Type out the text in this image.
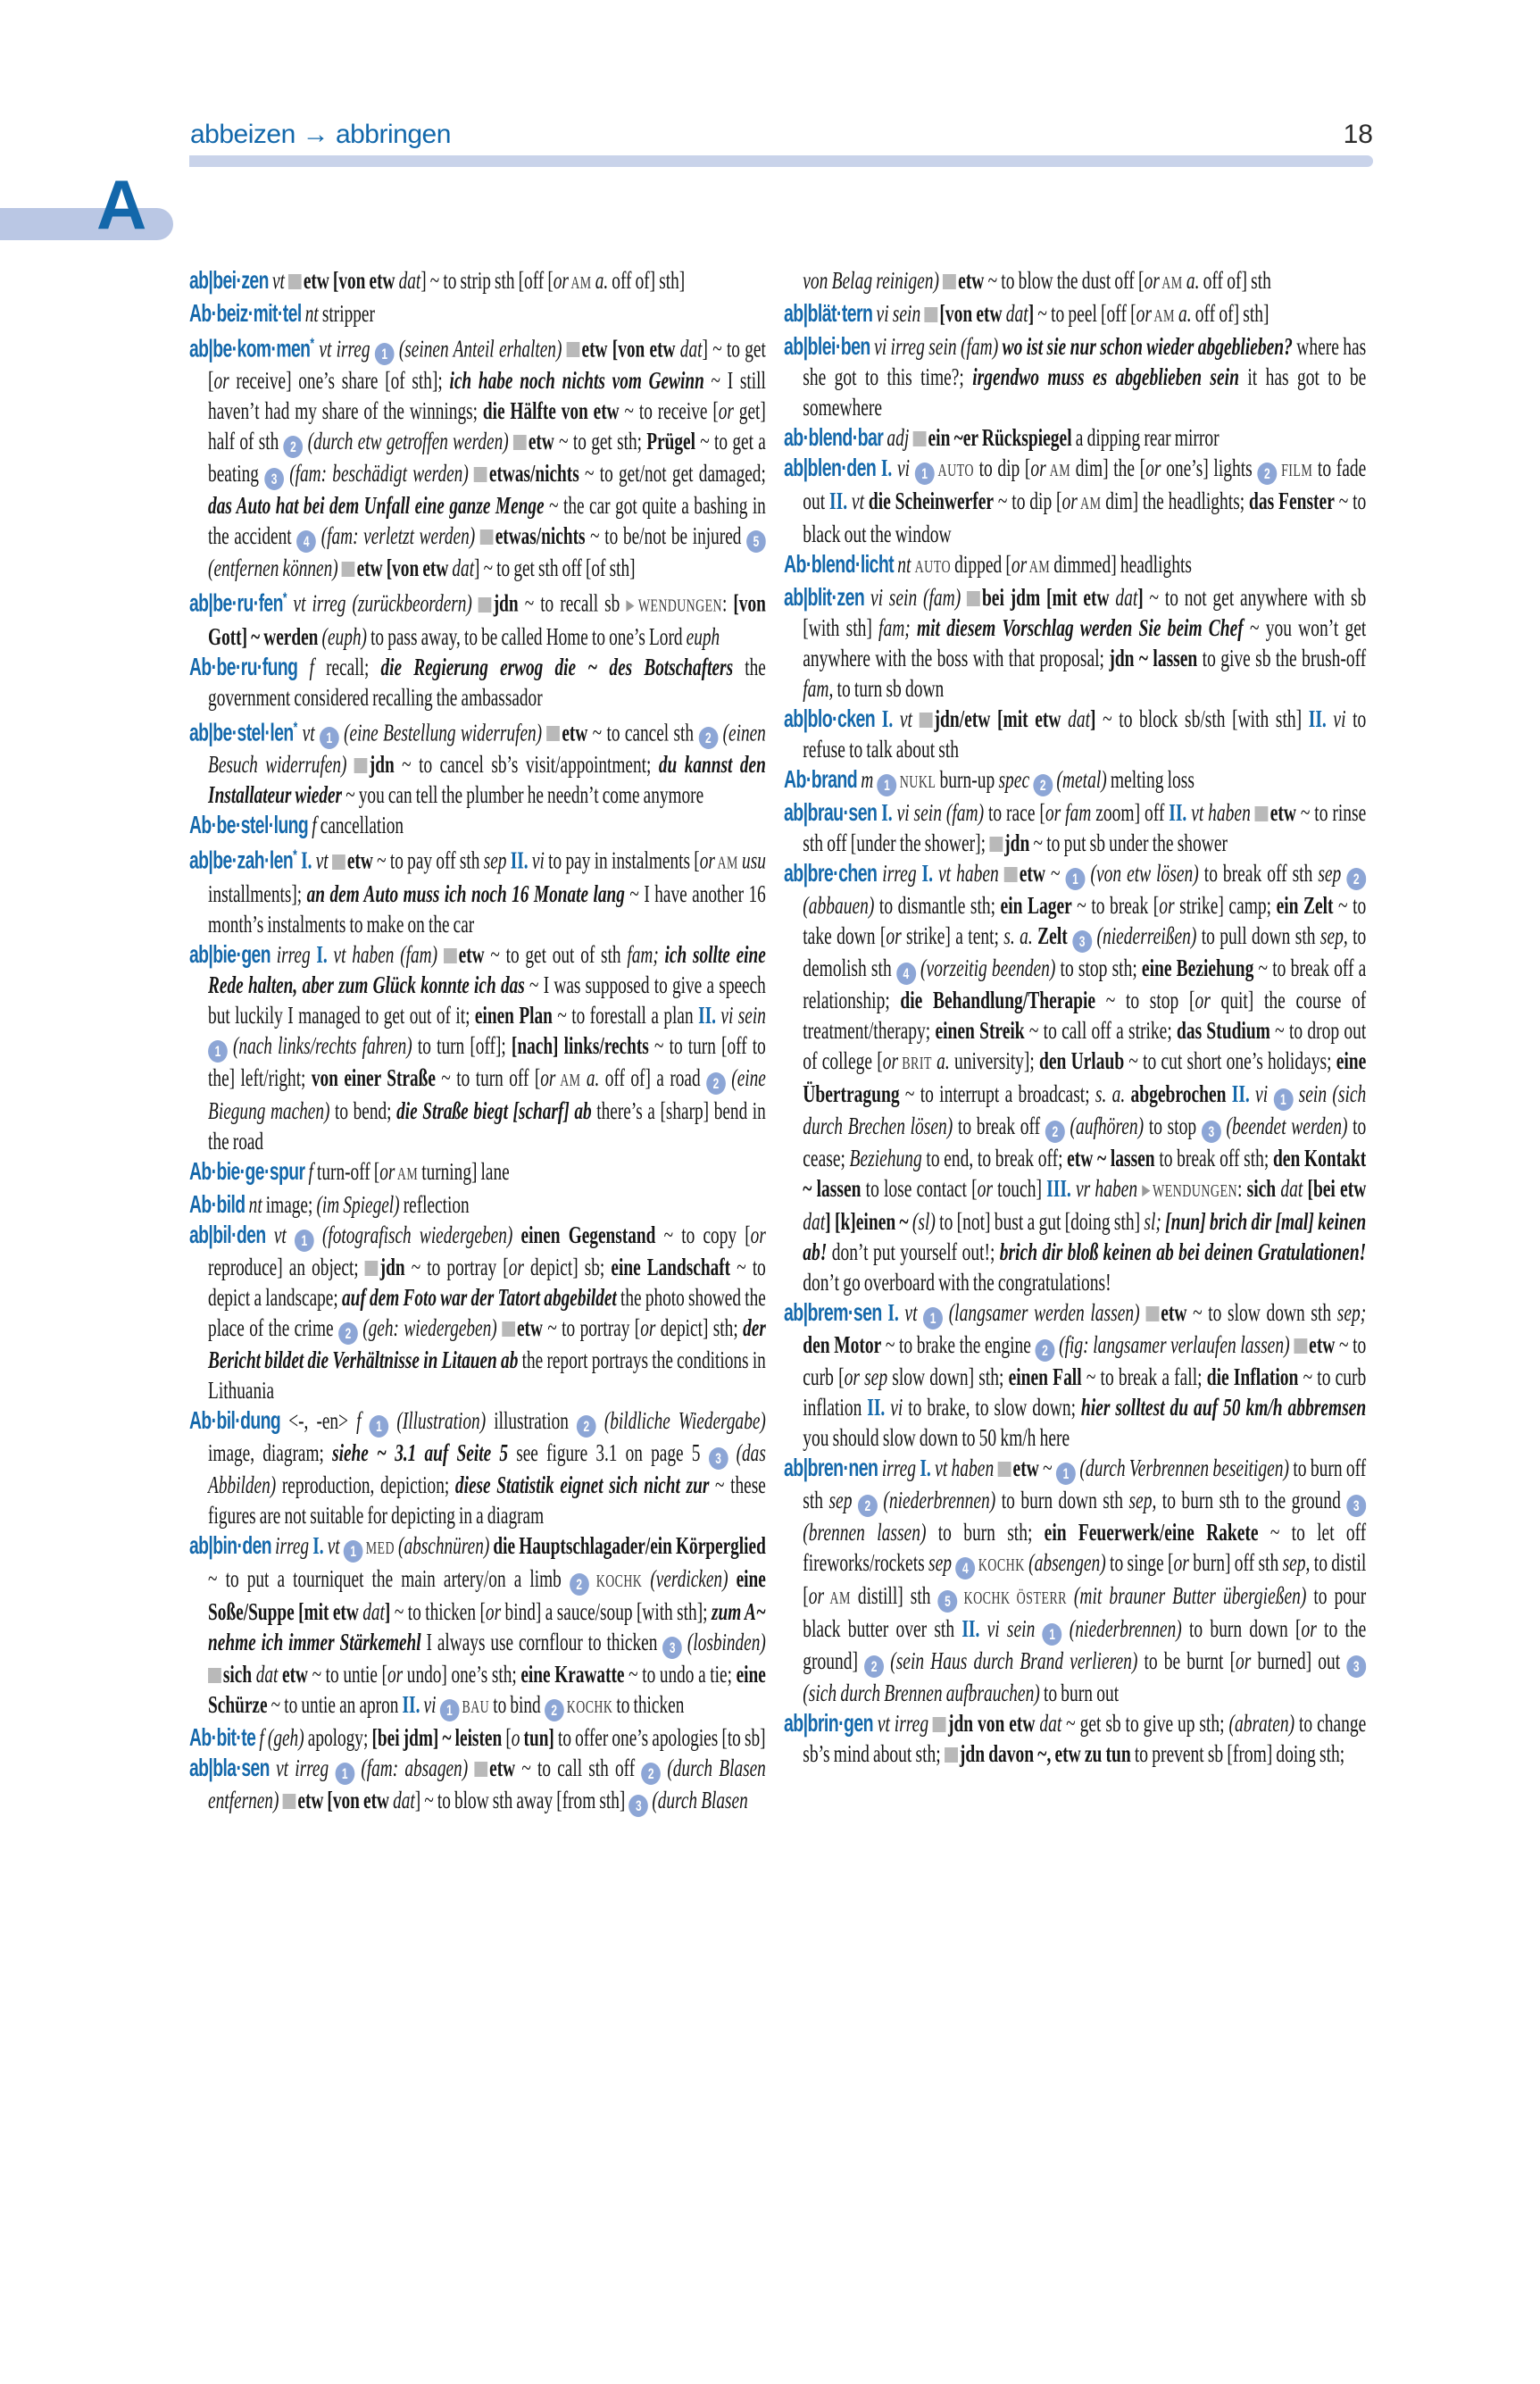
abbeizen → abbringen	18
A

ab|bei·zen vt etw [von etw dat] ~ to strip sth [off [or AM a. off of] sth]

Ab·beiz·mit·tel nt stripper

ab|be·kom·men* vt irreg 1 (seinen Anteil erhalten) etw [von etw dat] ~ to get [or receive] one’s share [of sth]; ich habe noch nichts vom Gewinn ~ I still haven’t had my share of the winnings; die Hälfte von etw ~ to receive [or get] half of sth 2 (durch etw getroffen werden) etw ~ to get sth; Prügel ~ to get a beating 3 (fam: beschädigt werden) etwas/nichts ~ to get/not get damaged; das Auto hat bei dem Unfall eine ganze Menge ~ the car got quite a bashing in the accident 4 (fam: verletzt werden) etwas/nichts ~ to be/not be injured 5 (entfernen können) etw [von etw dat] ~ to get sth off [of sth]

ab|be·ru·fen* vt irreg (zurückbeordern) jdn ~ to recall sb ▶WENDUNGEN: [von Gott] ~ werden (euph) to pass away, to be called Home to one’s Lord euph

Ab·be·ru·fung f recall; die Regierung erwog die ~ des Botschafters the government considered recalling the ambassador

ab|be·stel·len* vt 1 (eine Bestellung widerrufen) etw ~ to cancel sth 2 (einen Besuch widerrufen) jdn ~ to cancel sb’s visit/appointment; du kannst den Installateur wieder ~ you can tell the plumber he needn’t come anymore

Ab·be·stel·lung f cancellation

ab|be·zah·len* I. vt etw ~ to pay off sth sep II. vi to pay in instalments [or AM usu installments]; an dem Auto muss ich noch 16 Monate lang ~ I have another 16 month’s instalments to make on the car

ab|bie·gen irreg I. vt haben (fam) etw ~ to get out of sth fam; ich sollte eine Rede halten, aber zum Glück konnte ich das ~ I was supposed to give a speech but luckily I managed to get out of it; einen Plan ~ to forestall a plan II. vi sein 1 (nach links/rechts fahren) to turn [off]; [nach] links/rechts ~ to turn [off to the] left/right; von einer Straße ~ to turn off [or AM a. off of] a road 2 (eine Biegung machen) to bend; die Straße biegt [scharf] ab there’s a [sharp] bend in the road

Ab·bie·ge·spur f turn-off [or AM turning] lane

Ab·bild nt image; (im Spiegel) reflection

ab|bil·den vt 1 (fotografisch wiedergeben) einen Gegenstand ~ to copy [or reproduce] an object; jdn ~ to portray [or depict] sb; eine Landschaft ~ to depict a landscape; auf dem Foto war der Tatort abgebildet the photo showed the place of the crime 2 (geh: wiedergeben) etw ~ to portray [or depict] sth; der Bericht bildet die Verhältnisse in Litauen ab the report portrays the conditions in Lithuania

Ab·bil·dung <-, -en> f 1 (Illustration) illustration 2 (bildliche Wiedergabe) image, diagram; siehe ~ 3.1 auf Seite 5 see figure 3.1 on page 5 3 (das Abbilden) reproduction, depiction; diese Statistik eignet sich nicht zur ~ these figures are not suitable for depicting in a diagram

ab|bin·den irreg I. vt 1 MED (abschnüren) die Hauptschlagader/ein Körperglied ~ to put a tourniquet the main artery/on a limb 2 KOCHK (verdicken) eine Soße/Suppe [mit etw dat] ~ to thicken [or bind] a sauce/soup [with sth]; zum A~ nehme ich immer Stärkemehl I always use cornflour to thicken 3 (losbinden) sich dat etw ~ to untie [or undo] one’s sth; eine Krawatte ~ to undo a tie; eine Schürze ~ to untie an apron II. vi 1 BAU to bind 2 KOCHK to thicken

Ab·bit·te f (geh) apology; [bei jdm] ~ leisten [o tun] to offer one’s apologies [to sb]

ab|bla·sen vt irreg 1 (fam: absagen) etw ~ to call sth off 2 (durch Blasen entfernen) etw [von etw dat] ~ to blow sth away [from sth] 3 (durch Blasen

von Belag reinigen) etw ~ to blow the dust off [or AM a. off of] sth

ab|blät·tern vi sein [von etw dat] ~ to peel [off [or AM a. off of] sth]

ab|blei·ben vi irreg sein (fam) wo ist sie nur schon wieder abgeblieben? where has she got to this time?; irgendwo muss es abgeblieben sein it has got to be somewhere

ab·blend·bar adj ein ~er Rückspiegel a dipping rear mirror

ab|blen·den I. vi 1 AUTO to dip [or AM dim] the [or one’s] lights 2 FILM to fade out II. vt die Scheinwerfer ~ to dip [or AM dim] the headlights; das Fenster ~ to black out the window

Ab·blend·licht nt AUTO dipped [or AM dimmed] headlights

ab|blit·zen vi sein (fam) bei jdm [mit etw dat] ~ to not get anywhere with sb [with sth] fam; mit diesem Vorschlag werden Sie beim Chef ~ you won’t get anywhere with the boss with that proposal; jdn ~ lassen to give sb the brush-off fam, to turn sb down

ab|blo·cken I. vt jdn/etw [mit etw dat] ~ to block sb/sth [with sth] II. vi to refuse to talk about sth

Ab·brand m 1 NUKL burn-up spec 2 (metal) melting loss

ab|brau·sen I. vi sein (fam) to race [or fam zoom] off II. vt haben etw ~ to rinse sth off [under the shower]; jdn ~ to put sb under the shower

ab|bre·chen irreg I. vt haben etw ~ 1 (von etw lösen) to break off sth sep 2 (abbauen) to dismantle sth; ein Lager ~ to break [or strike] camp; ein Zelt ~ to take down [or strike] a tent; s. a. Zelt 3 (niederreißen) to pull down sth sep, to demolish sth 4 (vorzeitig beenden) to stop sth; eine Beziehung ~ to break off a relationship; die Behandlung/Therapie ~ to stop [or quit] the course of treatment/therapy; einen Streik ~ to call off a strike; das Studium ~ to drop out of college [or BRIT a. university]; den Urlaub ~ to cut short one’s holidays; eine Übertragung ~ to interrupt a broadcast; s. a. abgebrochen II. vi 1 sein (sich durch Brechen lösen) to break off 2 (aufhören) to stop 3 (beendet werden) to cease; Beziehung to end, to break off; etw ~ lassen to break off sth; den Kontakt ~ lassen to lose contact [or touch] III. vr haben ▶WENDUNGEN: sich dat [bei etw dat] [k]einen ~ (sl) to [not] bust a gut [doing sth] sl; [nun] brich dir [mal] keinen ab! don’t put yourself out!; brich dir bloß keinen ab bei deinen Gratulationen! don’t go overboard with the congratulations!

ab|brem·sen I. vt 1 (langsamer werden lassen) etw ~ to slow down sth sep; den Motor ~ to brake the engine 2 (fig: langsamer verlaufen lassen) etw ~ to curb [or sep slow down] sth; einen Fall ~ to break a fall; die Inflation ~ to curb inflation II. vi to brake, to slow down; hier solltest du auf 50 km/h abbremsen you should slow down to 50 km/h here

ab|bren·nen irreg I. vt haben etw ~ 1 (durch Verbrennen beseitigen) to burn off sth sep 2 (niederbrennen) to burn down sth sep, to burn sth to the ground 3 (brennen lassen) to burn sth; ein Feuerwerk/eine Rakete ~ to let off fireworks/rockets sep 4 KOCHK (absengen) to singe [or burn] off sth sep, to distil [or AM distill] sth 5 KOCHK ÖSTERR (mit brauner Butter übergießen) to pour black butter over sth II. vi sein 1 (niederbrennen) to burn down [or to the ground] 2 (sein Haus durch Brand verlieren) to be burnt [or burned] out 3 (sich durch Brennen aufbrauchen) to burn out

ab|brin·gen vt irreg jdn von etw dat ~ get sb to give up sth; (abraten) to change sb’s mind about sth; jdn davon ~, etw zu tun to prevent sb [from] doing sth;
